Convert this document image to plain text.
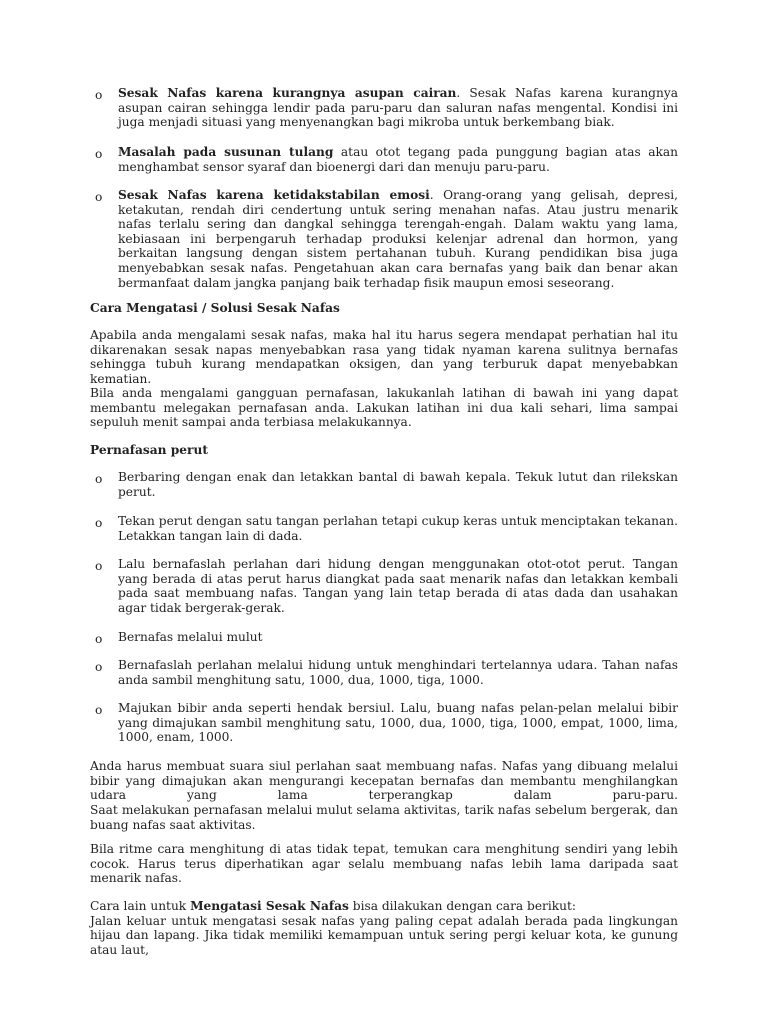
o Sesak Nafas karena kurangnya asupan cairan. Sesak Nafas karena kurangnya asupan cairan sehingga lendir pada paru-paru dan saluran nafas mengental. Kondisi ini juga menjadi situasi yang menyenangkan bagi mikroba untuk berkembang biak.

o Masalah pada susunan tulang atau otot tegang pada punggung bagian atas akan menghambat sensor syaraf dan bioenergi dari dan menuju paru-paru.

o Sesak Nafas karena ketidakstabilan emosi. Orang-orang yang gelisah, depresi, ketakutan, rendah diri cendertung untuk sering menahan nafas. Atau justru menarik nafas terlalu sering dan dangkal sehingga terengah-engah. Dalam waktu yang lama, kebiasaan ini berpengaruh terhadap produksi kelenjar adrenal dan hormon, yang berkaitan langsung dengan sistem pertahanan tubuh. Kurang pendidikan bisa juga menyebabkan sesak nafas. Pengetahuan akan cara bernafas yang baik dan benar akan bermanfaat dalam jangka panjang baik terhadap fisik maupun emosi seseorang.

Cara Mengatasi / Solusi Sesak Nafas

Apabila anda mengalami sesak nafas, maka hal itu harus segera mendapat perhatian hal itu dikarenakan sesak napas menyebabkan rasa yang tidak nyaman karena sulitnya bernafas sehingga tubuh kurang mendapatkan oksigen, dan yang terburuk dapat menyebabkan kematian.

Bila anda mengalami gangguan pernafasan, lakukanlah latihan di bawah ini yang dapat membantu melegakan pernafasan anda. Lakukan latihan ini dua kali sehari, lima sampai sepuluh menit sampai anda terbiasa melakukannya.

Pernafasan perut

o Berbaring dengan enak dan letakkan bantal di bawah kepala. Tekuk lutut dan rilekskan perut.

o Tekan perut dengan satu tangan perlahan tetapi cukup keras untuk menciptakan tekanan. Letakkan tangan lain di dada.

o Lalu bernafaslah perlahan dari hidung dengan menggunakan otot-otot perut. Tangan yang berada di atas perut harus diangkat pada saat menarik nafas dan letakkan kembali pada saat membuang nafas. Tangan yang lain tetap berada di atas dada dan usahakan agar tidak bergerak-gerak.

o Bernafas melalui mulut

o Bernafaslah perlahan melalui hidung untuk menghindari tertelannya udara. Tahan nafas anda sambil menghitung satu, 1000, dua, 1000, tiga, 1000.

o Majukan bibir anda seperti hendak bersiul. Lalu, buang nafas pelan-pelan melalui bibir yang dimajukan sambil menghitung satu, 1000, dua, 1000, tiga, 1000, empat, 1000, lima, 1000, enam, 1000.

Anda harus membuat suara siul perlahan saat membuang nafas. Nafas yang dibuang melalui bibir yang dimajukan akan mengurangi kecepatan bernafas dan membantu menghilangkan udara yang lama terperangkap dalam paru-paru.

Saat melakukan pernafasan melalui mulut selama aktivitas, tarik nafas sebelum bergerak, dan buang nafas saat aktivitas.

Bila ritme cara menghitung di atas tidak tepat, temukan cara menghitung sendiri yang lebih cocok. Harus terus diperhatikan agar selalu membuang nafas lebih lama daripada saat menarik nafas.

Cara lain untuk Mengatasi Sesak Nafas bisa dilakukan dengan cara berikut:
Jalan keluar untuk mengatasi sesak nafas yang paling cepat adalah berada pada lingkungan hijau dan lapang. Jika tidak memiliki kemampuan untuk sering pergi keluar kota, ke gunung atau laut,
